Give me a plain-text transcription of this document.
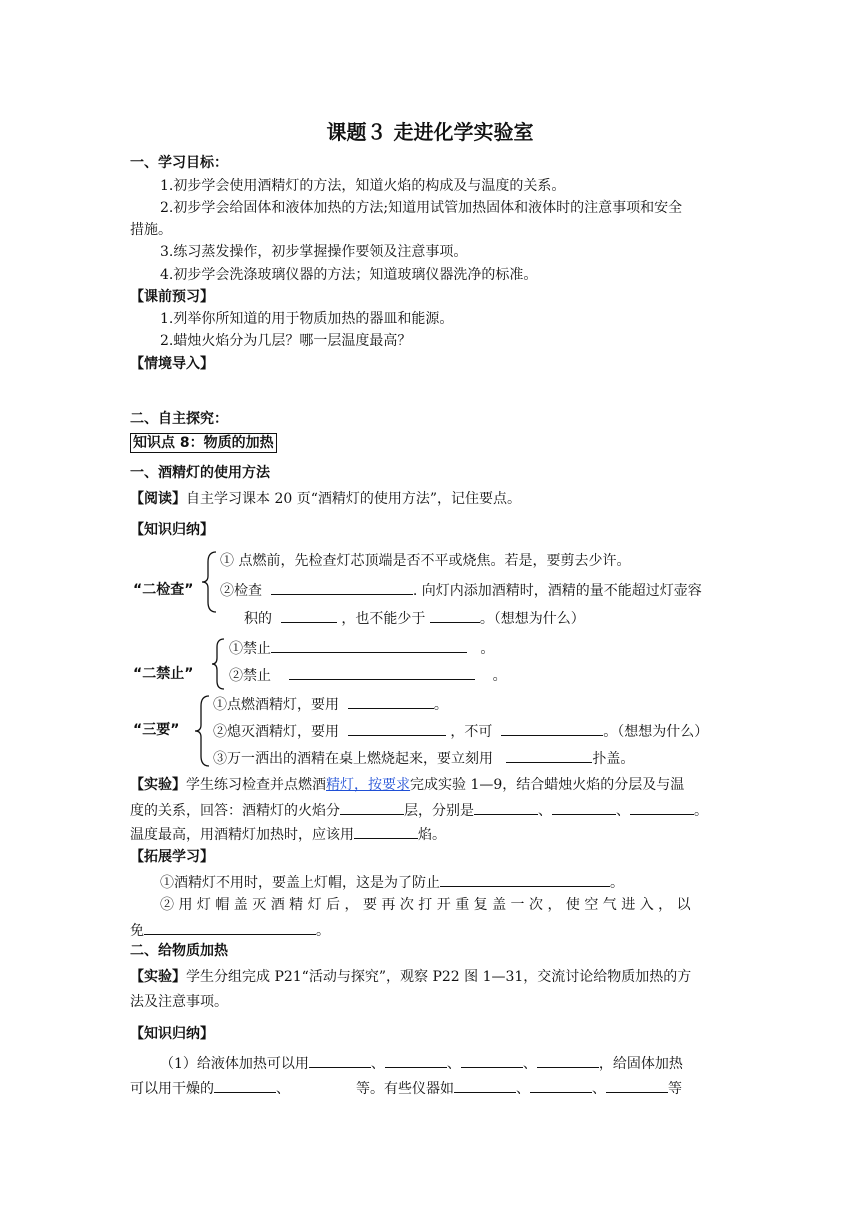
课题３ 走进化学实验室
一、学习目标：
1.初步学会使用酒精灯的方法，知道火焰的构成及与温度的关系。
2.初步学会给固体和液体加热的方法;知道用试管加热固体和液体时的注意事项和安全
措施。
3.练习蒸发操作，初步掌握操作要领及注意事项。
4.初步学会洗涤玻璃仪器的方法；知道玻璃仪器洗净的标准。
【课前预习】
1.列举你所知道的用于物质加热的器皿和能源。
2.蜡烛火焰分为几层？哪一层温度最高？
【情境导入】
二、自主探究：
知识点 8：物质的加热
一、酒精灯的使用方法
【阅读】自主学习课本 20 页“酒精灯的使用方法”，记住要点。
【知识归纳】
“二检查”
① 点燃前，先检查灯芯顶端是否不平或烧焦。若是，要剪去少许。
②检查	. 向灯内添加酒精时，酒精的量不能超过灯壶容
积的	，也不能少于	。（想想为什么）
“二禁止”
①禁止	。
②禁止	。
“三要”
①点燃酒精灯，要用	。
②熄灭酒精灯，要用	，不可	。（想想为什么）
③万一洒出的酒精在桌上燃烧起来，要立刻用	扑盖。
【实验】学生练习检查并点燃酒精灯，按要求完成实验 1—9，结合蜡烛火焰的分层及与温
度的关系，回答：酒精灯的火焰分	层，分别是	、	、	。
温度最高，用酒精灯加热时，应该用	焰。
【拓展学习】
①酒精灯不用时，要盖上灯帽，这是为了防止	。
② 用 灯 帽 盖 灭 酒 精 灯 后 ， 要 再 次 打 开 重 复 盖 一 次 ， 使 空 气 进 入 ， 以
免	。
二、给物质加热
【实验】学生分组完成 P21“活动与探究”，观察 P22 图 1—31，交流讨论给物质加热的方
法及注意事项。
【知识归纳】
（1）给液体加热可以用	、	、	、	，给固体加热
可以用干燥的	、	等。有些仪器如	、	、	等
